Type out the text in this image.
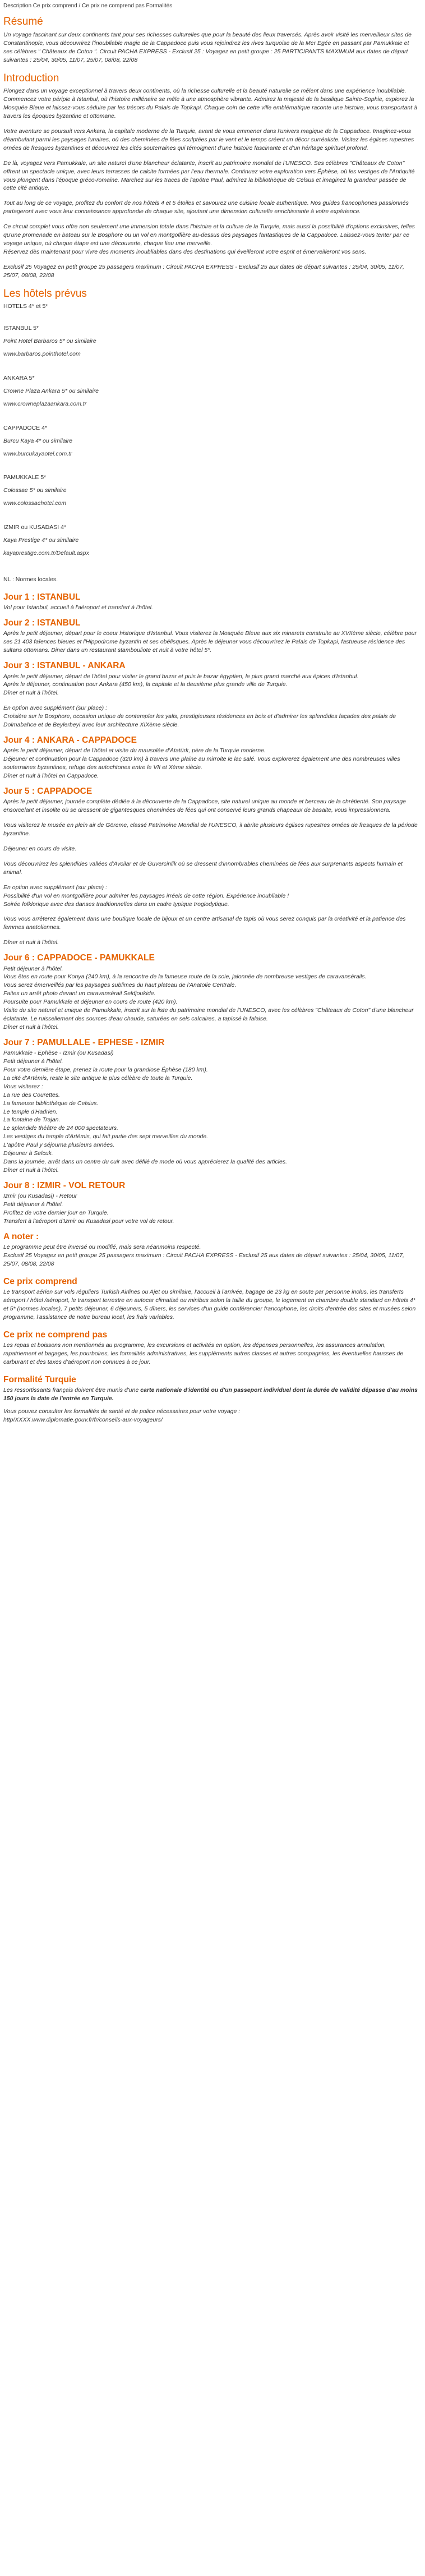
Description Ce prix comprend / Ce prix ne comprend pas Formalités
Résumé

Un voyage fascinant sur deux continents tant pour ses richesses culturelles que pour la beauté des lieux traversés. Après avoir visité les merveilleux sites de Constantinople, vous découvrirez l'inoubliable magie de la Cappadoce puis vous rejoindrez les rives turquoise de la Mer Egée en passant par Pamukkale et ses célèbres " Châteaux de Coton ". Circuit PACHA EXPRESS - Exclusif 25 : Voyagez en petit groupe : 25 PARTICIPANTS MAXIMUM aux dates de départ suivantes : 25/04, 30/05, 11/07, 25/07, 08/08, 22/08

Introduction

Plongez dans un voyage exceptionnel à travers deux continents, où la richesse culturelle et la beauté naturelle se mêlent dans une expérience inoubliable. Commencez votre périple à Istanbul, où l'histoire millénaire se mêle à une atmosphère vibrante. Admirez la majesté de la basilique Sainte-Sophie, explorez la Mosquée Bleue et laissez-vous séduire par les trésors du Palais de Topkapi. Chaque coin de cette ville emblématique raconte une histoire, vous transportant à travers les époques byzantine et ottomane.

Votre aventure se poursuit vers Ankara, la capitale moderne de la Turquie, avant de vous emmener dans l'univers magique de la Cappadoce. Imaginez-vous déambulant parmi les paysages lunaires, où des cheminées de fées sculptées par le vent et le temps créent un décor surréaliste. Visitez les églises rupestres ornées de fresques byzantines et découvrez les cités souterraines qui témoignent d'une histoire fascinante et d'un héritage spirituel profond.

De là, voyagez vers Pamukkale, un site naturel d'une blancheur éclatante, inscrit au patrimoine mondial de l'UNESCO. Ses célèbres "Châteaux de Coton" offrent un spectacle unique, avec leurs terrasses de calcite formées par l'eau thermale. Continuez votre exploration vers Éphèse, où les vestiges de l'Antiquité vous plongent dans l'époque gréco-romaine. Marchez sur les traces de l'apôtre Paul, admirez la bibliothèque de Celsus et imaginez la grandeur passée de cette cité antique.

Tout au long de ce voyage, profitez du confort de nos hôtels 4 et 5 étoiles et savourez une cuisine locale authentique. Nos guides francophones passionnés partageront avec vous leur connaissance approfondie de chaque site, ajoutant une dimension culturelle enrichissante à votre expérience.

Ce circuit complet vous offre non seulement une immersion totale dans l'histoire et la culture de la Turquie, mais aussi la possibilité d'options exclusives, telles qu'une promenade en bateau sur le Bosphore ou un vol en montgolfière au-dessus des paysages fantastiques de la Cappadoce. Laissez-vous tenter par ce voyage unique, où chaque étape est une découverte, chaque lieu une merveille.
Réservez dès maintenant pour vivre des moments inoubliables dans des destinations qui éveilleront votre esprit et émerveilleront vos sens.

Exclusif 25 Voyagez en petit groupe 25 passagers maximum : Circuit PACHA EXPRESS - Exclusif 25 aux dates de départ suivantes : 25/04, 30/05, 11/07, 25/07, 08/08, 22/08

Les hôtels prévus

HOTELS 4* et 5*

ISTANBUL 5*

Point Hotel Barbaros 5* ou similaire

www.barbaros.pointhotel.com

ANKARA 5*

Crowne Plaza Ankara 5* ou similaire

www.crowneplazaankara.com.tr

CAPPADOCE 4*

Burcu Kaya 4* ou similaire

www.burcukayaotel.com.tr

PAMUKKALE 5*

Colossae 5* ou similaire

www.colossaehotel.com

IZMIR ou KUSADASI 4*

Kaya Prestige 4* ou similaire

kayaprestige.com.tr/Default.aspx

NL : Normes locales.

Jour 1 : ISTANBUL

Vol pour Istanbul, accueil à l'aéroport et transfert à l'hôtel.

Jour 2 : ISTANBUL

Après le petit déjeuner, départ pour le coeur historique d'Istanbul. Vous visiterez la Mosquée Bleue aux six minarets construite au XVIIème siècle, célèbre pour ses 21 403 faïences bleues et l'Hippodrome byzantin et ses obélisques. Après le déjeuner vous découvrirez le Palais de Topkapi, fastueuse résidence des sultans ottomans. Diner dans un restaurant stambouliote et nuit à votre hôtel 5*.

Jour 3 : ISTANBUL - ANKARA

Après le petit déjeuner, départ de l'hôtel pour visiter le grand bazar et puis le bazar égyptien, le plus grand marché aux épices d'Istanbul.

Après le déjeuner, continuation pour Ankara (450 km), la capitale et la deuxième plus grande ville de Turquie.

Dîner et nuit à l'hôtel.

En option avec supplément (sur place) :

Croisière sur le Bosphore, occasion unique de contempler les yalis, prestigieuses résidences en bois et d'admirer les splendides façades des palais de Dolmabahce et de Beylerbeyi avec leur architecture XIXème siècle.

Jour 4 : ANKARA - CAPPADOCE

Après le petit déjeuner, départ de l'hôtel et visite du mausolée d'Atatürk, père de la Turquie moderne.

Déjeuner et continuation pour la Cappadoce (320 km) à travers une plaine au mirroite le lac salé. Vous explorerez également une des nombreuses villes souterraines byzantines, refuge des autochtones entre le VII et Xème siècle.

Dîner et nuit à l'hôtel en Cappadoce.

Jour 5 : CAPPADOCE

Après le petit déjeuner, journée complète dédiée à la découverte de la Cappadoce, site naturel unique au monde et berceau de la chrétienté. Son paysage ensorcelant et insolite où se dressent de gigantesques cheminées de fées qui ont conservé leurs grands chapeaux de basalte, vous impressionnera.

Vous visiterez le musée en plein air de Göreme, classé Patrimoine Mondial de l'UNESCO, il abrite plusieurs églises rupestres ornées de fresques de la période byzantine.

Déjeuner en cours de visite.

Vous découvrirez les splendides vallées d'Avcilar et de Guvercinlik où se dressent d'innombrables cheminées de fées aux surprenants aspects humain et animal.

En option avec supplément (sur place) :

Possibilité d'un vol en montgolfière pour admirer les paysages irréels de cette région. Expérience inoubliable !

Soirée folklorique avec des danses traditionnelles dans un cadre typique troglodytique.

Vous vous arrêterez également dans une boutique locale de bijoux et un centre artisanal de tapis où vous serez conquis par la créativité et la patience des femmes anatoliennes.

Dîner et nuit à l'hôtel.

Jour 6 : CAPPADOCE - PAMUKKALE

Petit déjeuner à l'hôtel.

Vous êtes en route pour Konya (240 km), à la rencontre de la fameuse route de la soie, jalonnée de nombreuse vestiges de caravansérails.

Vous serez émerveillés par les paysages sublimes du haut plateau de l'Anatolie Centrale.

Faites un arrêt photo devant un caravansérail Seldjoukide.

Poursuite pour Pamukkale et déjeuner en cours de route (420 km).

Visite du site naturel et unique de Pamukkale, inscrit sur la liste du patrimoine mondial de l'UNESCO, avec les célèbres "Châteaux de Coton" d'une blancheur éclatante. Le ruissellement des sources d'eau chaude, saturées en sels calcaires, a tapissé la falaise.

Dîner et nuit à l'hôtel.

Jour 7 : PAMULLALE - EPHESE - IZMIR

Pamukkale - Ephèse - Izmir (ou Kusadasi)

Petit déjeuner à l'hôtel.

Pour votre dernière étape, prenez la route pour la grandiose Éphèse (180 km).

La cité d'Artémis, reste le site antique le plus célèbre de toute la Turquie.

Vous visiterez :

La rue des Courettes.

La fameuse bibliothèque de Celsius.

Le temple d'Hadrien.

La fontaine de Trajan.

Le splendide théâtre de 24 000 spectateurs.

Les vestiges du temple d'Artémis, qui fait partie des sept merveilles du monde.

L'apôtre Paul y séjourna plusieurs années.

Déjeuner à Selcuk.

Dans la journée, arrêt dans un centre du cuir avec défilé de mode où vous apprécierez la qualité des articles.

Dîner et nuit à l'hôtel.

Jour 8 : IZMIR - VOL RETOUR

Izmir (ou Kusadasi) - Retour

Petit déjeuner à l'hôtel.

Profitez de votre dernier jour en Turquie.

Transfert à l'aéroport d'Izmir ou Kusadasi pour votre vol de retour.

A noter :

Le programme peut être inversé ou modifié, mais sera néanmoins respecté.

Exclusif 25 Voyagez en petit groupe 25 passagers maximum : Circuit PACHA EXPRESS - Exclusif 25 aux dates de départ suivantes : 25/04, 30/05, 11/07, 25/07, 08/08, 22/08

Ce prix comprend

Le transport aérien sur vols réguliers Turkish Airlines ou Ajet ou similaire, l'accueil à l'arrivée, bagage de 23 kg en soute par personne inclus, les transferts aéroport / hôtel /aéroport, le transport terrestre en autocar climatisé ou minibus selon la taille du groupe, le logement en chambre double standard en hôtels 4* et 5* (normes locales), 7 petits déjeuner, 6 déjeuners, 5 dîners, les services d'un guide conférencier francophone, les droits d'entrée des sites et musées selon programme, l'assistance de notre bureau local, les frais variables.

Ce prix ne comprend pas

Les repas et boissons non mentionnés au programme, les excursions et activités en option, les dépenses personnelles, les assurances annulation, rapatriement et bagages, les pourboires, les formalités administratives, les suppléments autres classes et autres compagnies, les éventuelles hausses de carburant et des taxes d'aéroport non connues à ce jour.

Formalité Turquie

Les ressortissants français doivent être munis d'une carte nationale d'identité ou d'un passeport individuel dont la durée de validité dépasse d'au moins 150 jours la date de l'entrée en Turquie.

Vous pouvez consulter les formalités de santé et de police nécessaires pour votre voyage :

http/XXXX.www.diplomatie.gouv.fr/fr/conseils-aux-voyageurs/
